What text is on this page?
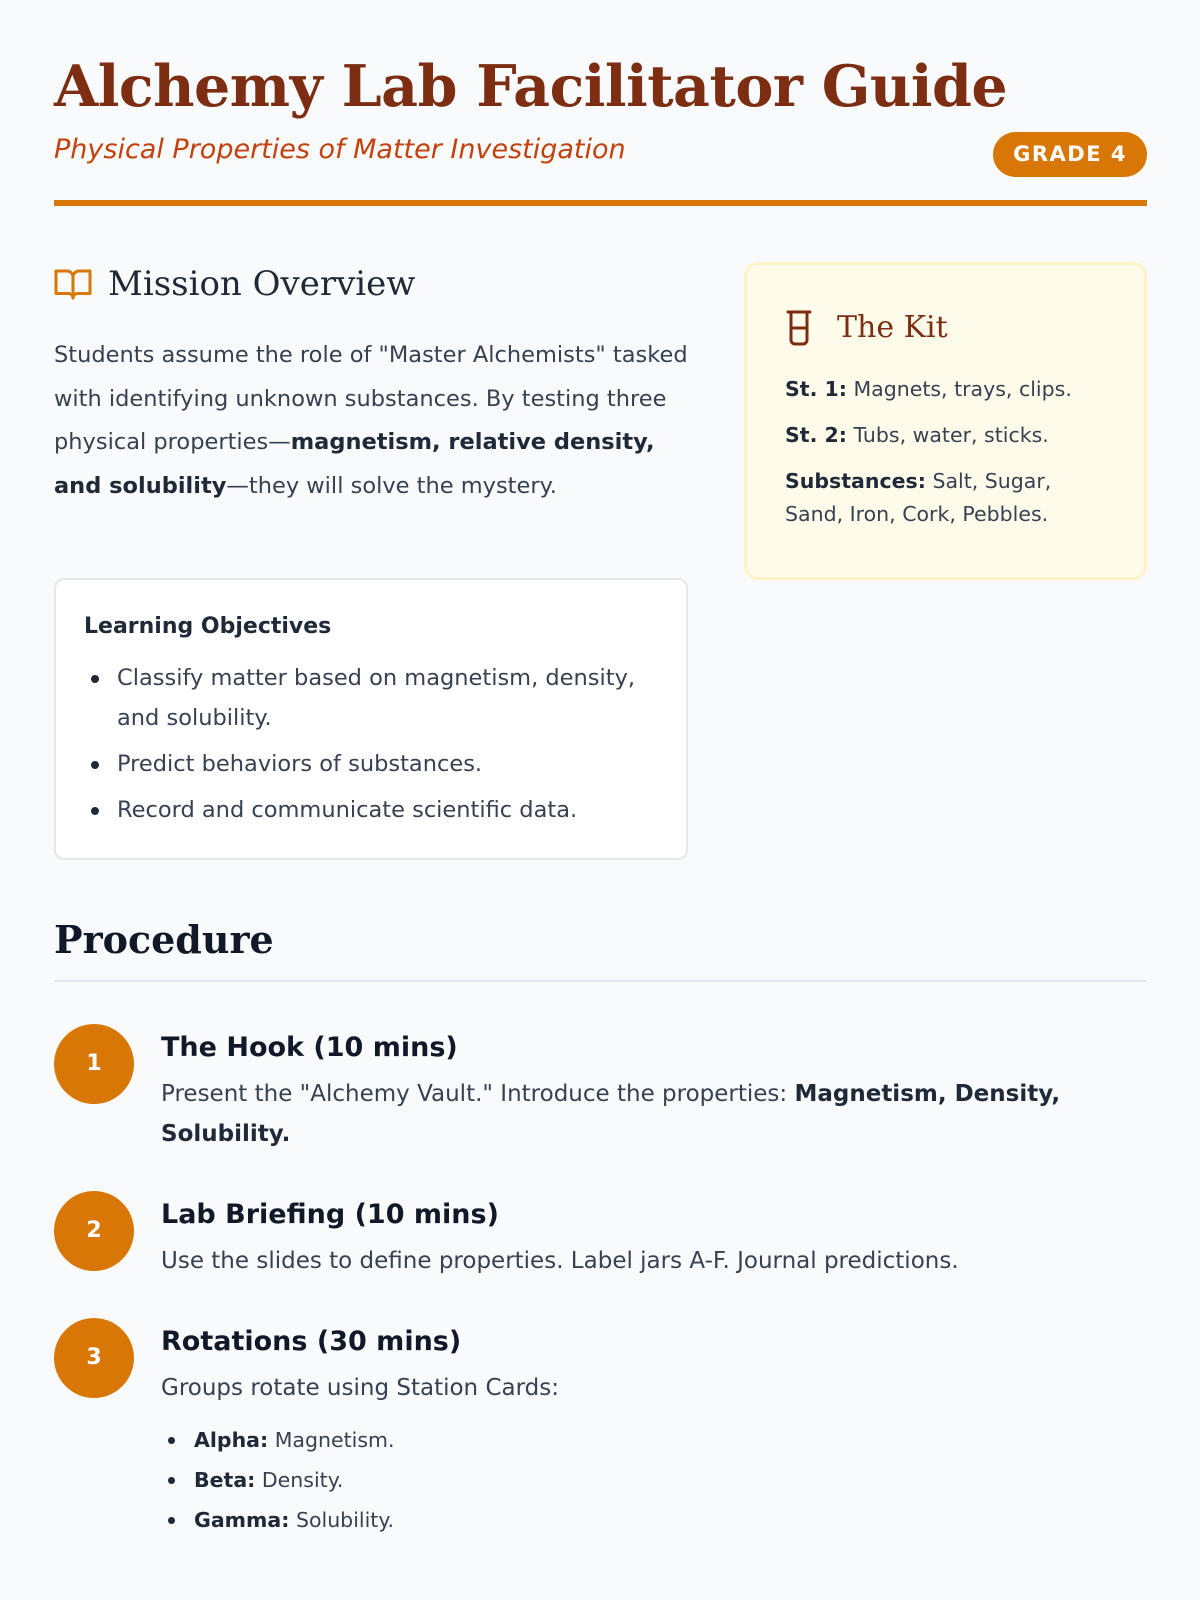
Alchemy Lab Facilitator Guide
Physical Properties of Matter Investigation	GRADE 4
Mission Overview

Students assume the role of "Master Alchemists" tasked with identifying unknown substances. By testing three physical properties—magnetism, relative density, and solubility—they will solve the mystery.

Learning Objectives
Classify matter based on magnetism, density, and solubility.
Predict behaviors of substances.
Record and communicate scientific data.
The Kit

St. 1: Magnets, trays, clips.

St. 2: Tubs, water, sticks.

Substances: Salt, Sugar, Sand, Iron, Cork, Pebbles.

Procedure
1
The Hook (10 mins)

Present the "Alchemy Vault." Introduce the properties: Magnetism, Density, Solubility.

2
Lab Briefing (10 mins)

Use the slides to define properties. Label jars A-F. Journal predictions.

3
Rotations (30 mins)

Groups rotate using Station Cards:

Alpha: Magnetism.
Beta: Density.
Gamma: Solubility.
